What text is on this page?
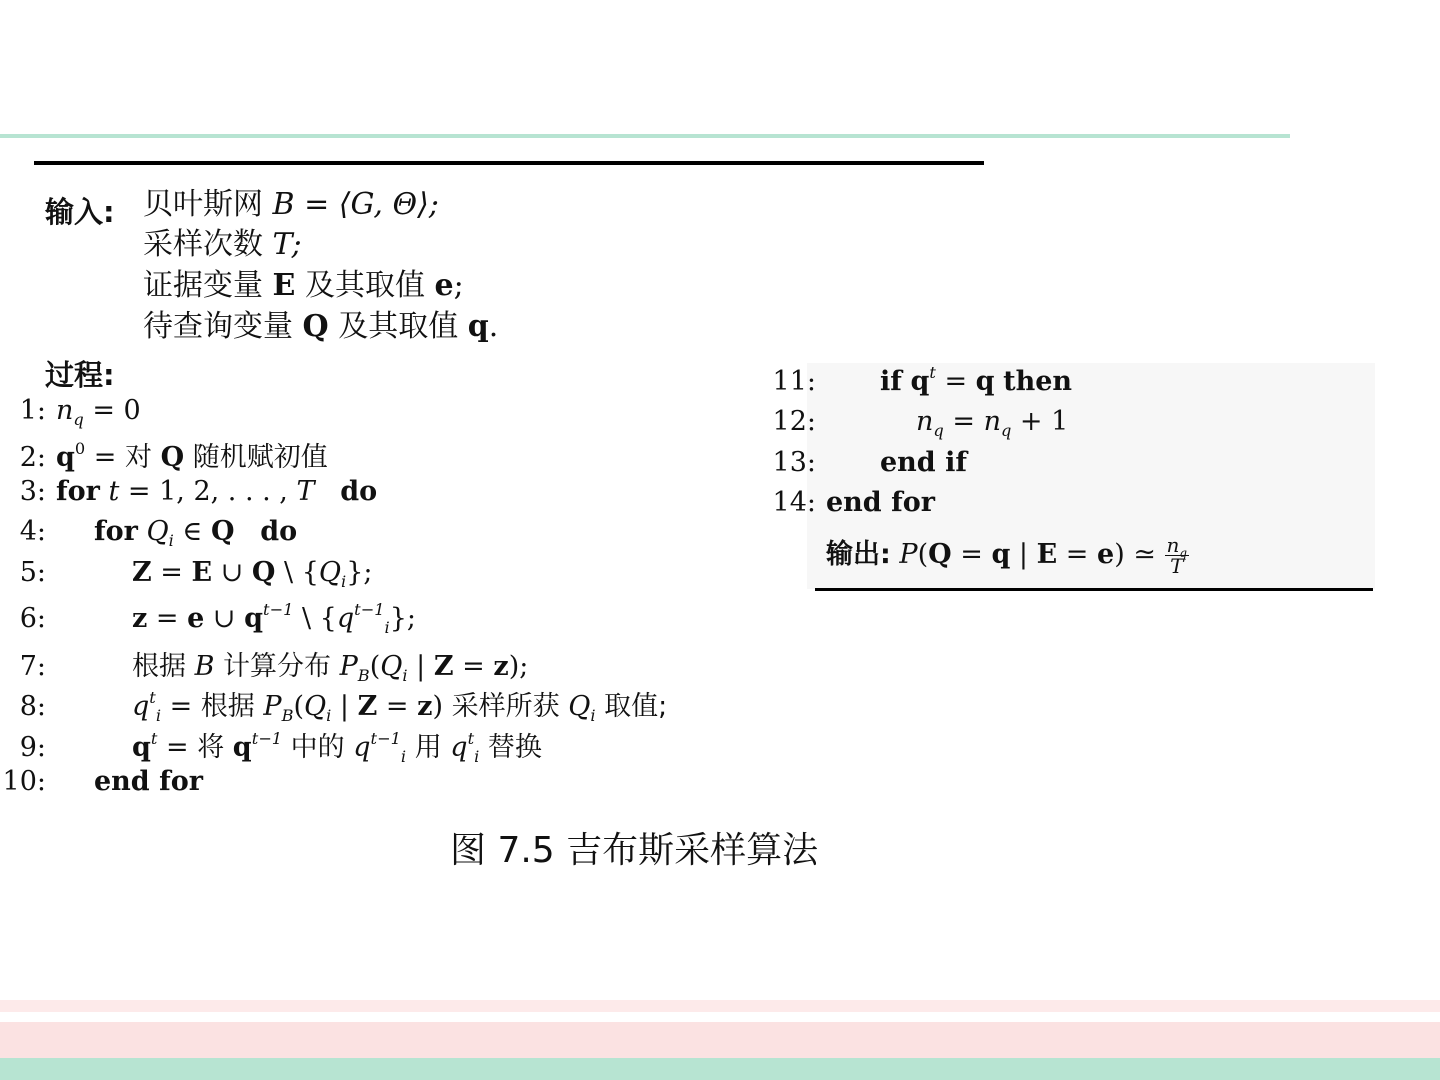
输入: 贝叶斯网 B = ⟨G, Θ⟩;
采样次数 T;
证据变量 E 及其取值 e;
待查询变量 Q 及其取值 q.
过程:
1: $n_q = 0$
2: $q^0$ = 对 Q 随机赋初值
3: for t = 1, 2, . . . , T do
4: for $Q_i$ ∈ Q do
5:	Z = E ∪ Q \ $\{Q_i\}$;
6:	z = e ∪ $q^{t-1}$ \ $\{q^{t-1}_i\}$;
7:	根据 B 计算分布 $P_B(Q_i$ | Z = z);
8:	$q^t_i$ = 根据 $P_B(Q_i$ | Z = z) 采样所获 $Q_i$ 取值;
9:	$q^t$ = 将 $q^{t-1}$ 中的 $q^{t-1}_i$ 用 $q^t_i$ 替换
10: end for
11: if $q^t = q$ then
12:	$n_q = n_q + 1$
13: end if
14: end for
输出: P(Q = q | E = e) ≃ $\frac{n_q}{T}$
图 7.5 吉布斯采样算法
